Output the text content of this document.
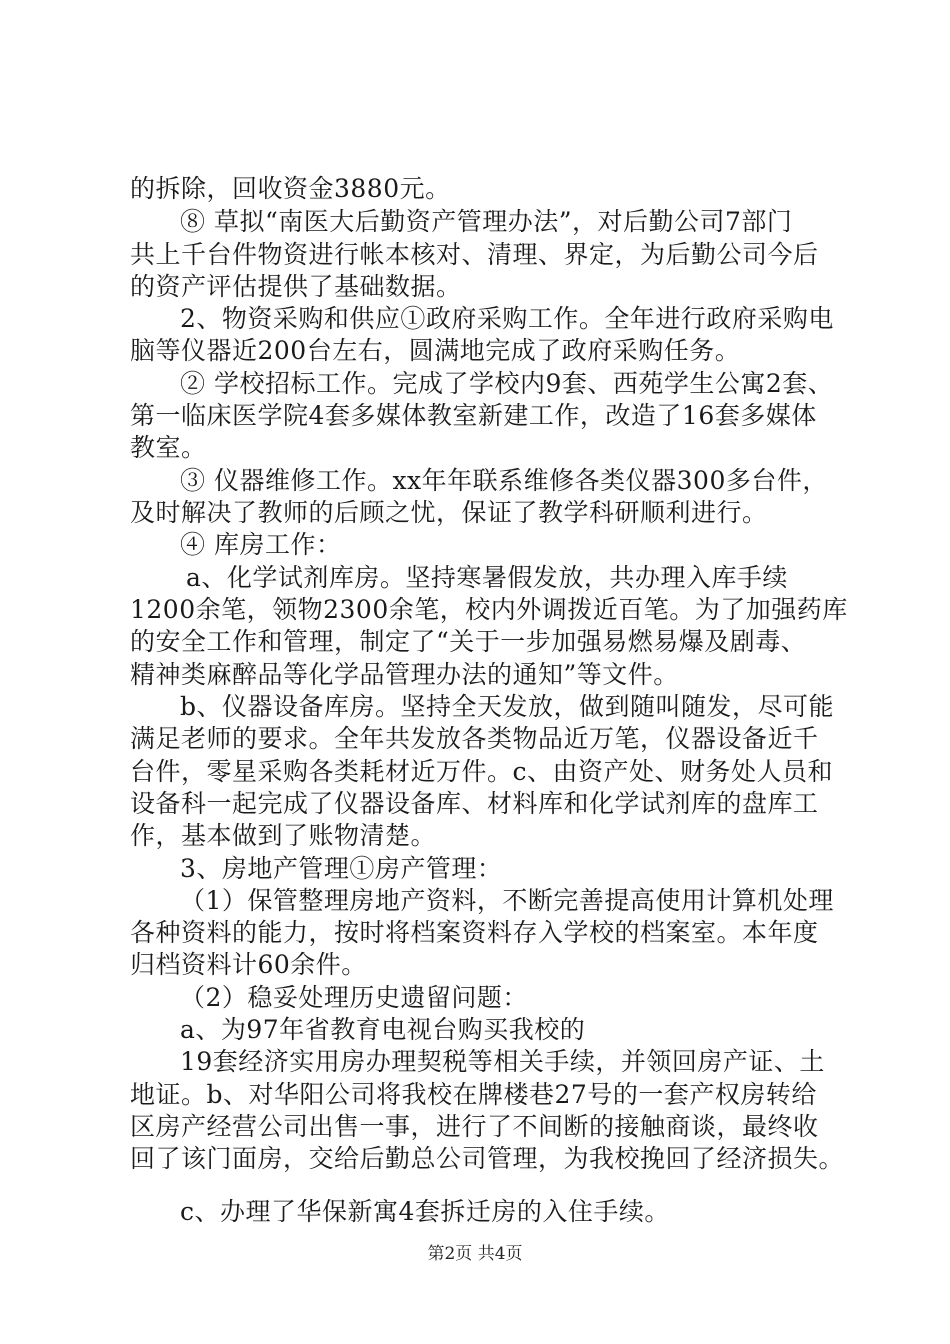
的拆除，回收资金3880元。
⑧ 草拟“南医大后勤资产管理办法”，对后勤公司7部门
共上千台件物资进行帐本核对、清理、界定，为后勤公司今后
的资产评估提供了基础数据。
2、物资采购和供应①政府采购工作。全年进行政府采购电
脑等仪器近200台左右，圆满地完成了政府采购任务。
② 学校招标工作。完成了学校内9套、西苑学生公寓2套、
第一临床医学院4套多媒体教室新建工作，改造了16套多媒体
教室。
③ 仪器维修工作。xx年年联系维修各类仪器300多台件，
及时解决了教师的后顾之忧，保证了教学科研顺利进行。
④ 库房工作：
a、化学试剂库房。坚持寒暑假发放，共办理入库手续
1200余笔，领物2300余笔，校内外调拨近百笔。为了加强药库
的安全工作和管理，制定了“关于一步加强易燃易爆及剧毒、
精神类麻醉品等化学品管理办法的通知”等文件。
b、仪器设备库房。坚持全天发放，做到随叫随发，尽可能
满足老师的要求。全年共发放各类物品近万笔，仪器设备近千
台件，零星采购各类耗材近万件。c、由资产处、财务处人员和
设备科一起完成了仪器设备库、材料库和化学试剂库的盘库工
作，基本做到了账物清楚。
3、房地产管理①房产管理：
（1）保管整理房地产资料，不断完善提高使用计算机处理
各种资料的能力，按时将档案资料存入学校的档案室。本年度
归档资料计60余件。
（2）稳妥处理历史遗留问题：
a、为97年省教育电视台购买我校的
19套经济实用房办理契税等相关手续，并领回房产证、土
地证。b、对华阳公司将我校在牌楼巷27号的一套产权房转给
区房产经营公司出售一事，进行了不间断的接触商谈，最终收
回了该门面房，交给后勤总公司管理，为我校挽回了经济损失。
c、办理了华保新寓4套拆迁房的入住手续。
第2页 共4页
